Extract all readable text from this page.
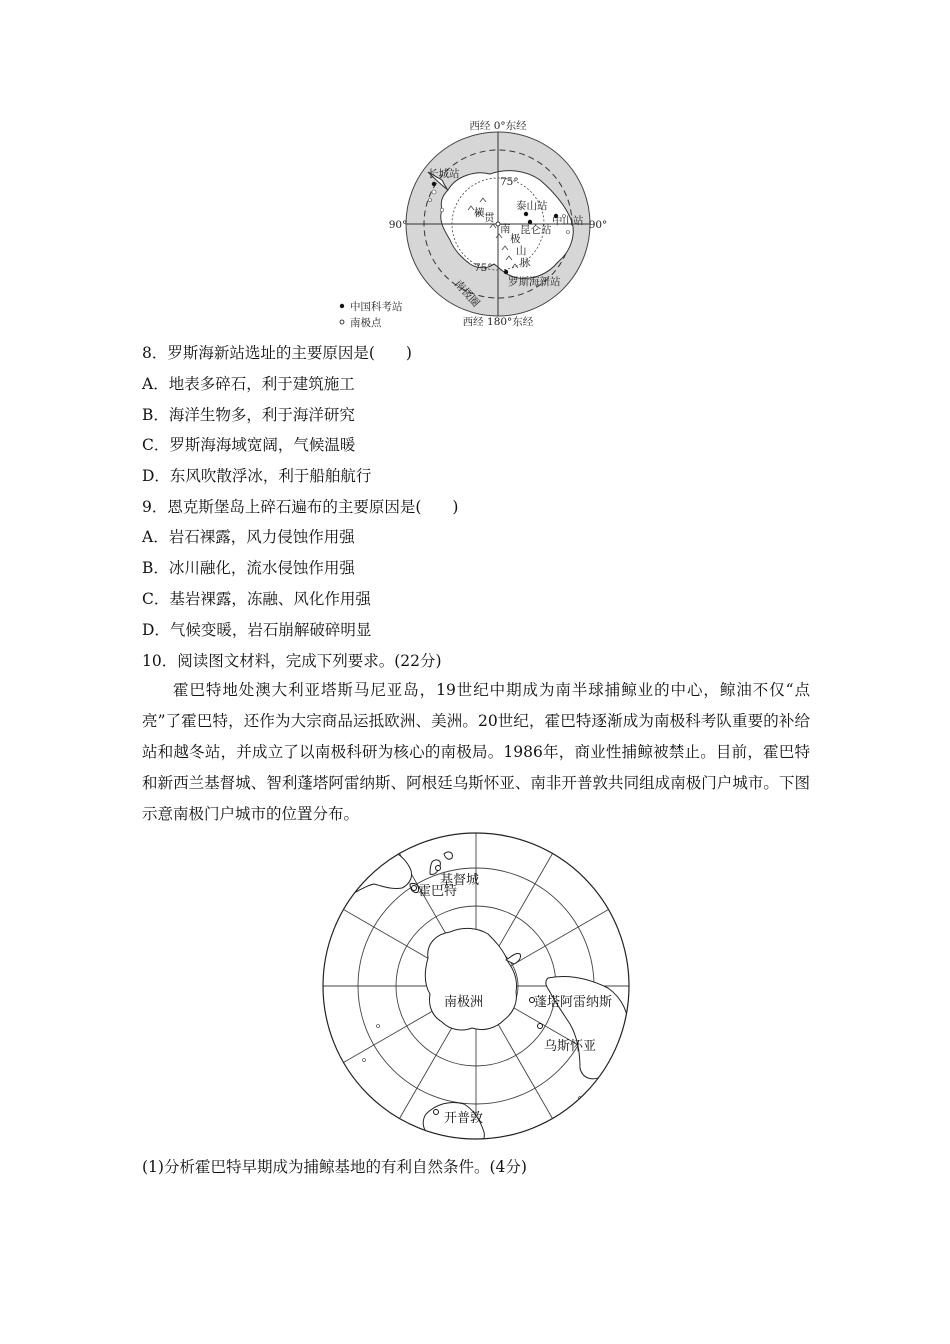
西经 0°东经
西经 180°东经
90°	90°
75°
75°
长城站
泰山站
中山站
昆仑站
罗斯海新站
横 贯
南
极
山
脉
南极圈
中国科考站
南极点
8．罗斯海新站选址的主要原因是(　　)
A．地表多碎石，利于建筑施工
B．海洋生物多，利于海洋研究
C．罗斯海海域宽阔，气候温暖
D．东风吹散浮冰，利于船舶航行
9．恩克斯堡岛上碎石遍布的主要原因是(　　)
A．岩石裸露，风力侵蚀作用强
B．冰川融化，流水侵蚀作用强
C．基岩裸露，冻融、风化作用强
D．气候变暖，岩石崩解破碎明显
10．阅读图文材料，完成下列要求。(22分)
霍巴特地处澳大利亚塔斯马尼亚岛，19世纪中期成为南半球捕鲸业的中心，鲸油不仅“点亮”了霍巴特，还作为大宗商品运抵欧洲、美洲。20世纪，霍巴特逐渐成为南极科考队重要的补给站和越冬站，并成立了以南极科研为核心的南极局。1986年，商业性捕鲸被禁止。目前，霍巴特和新西兰基督城、智利蓬塔阿雷纳斯、阿根廷乌斯怀亚、南非开普敦共同组成南极门户城市。下图示意南极门户城市的位置分布。
基督城
霍巴特
南极洲	蓬塔阿雷纳斯
乌斯怀亚
开普敦
(1)分析霍巴特早期成为捕鲸基地的有利自然条件。(4分)
